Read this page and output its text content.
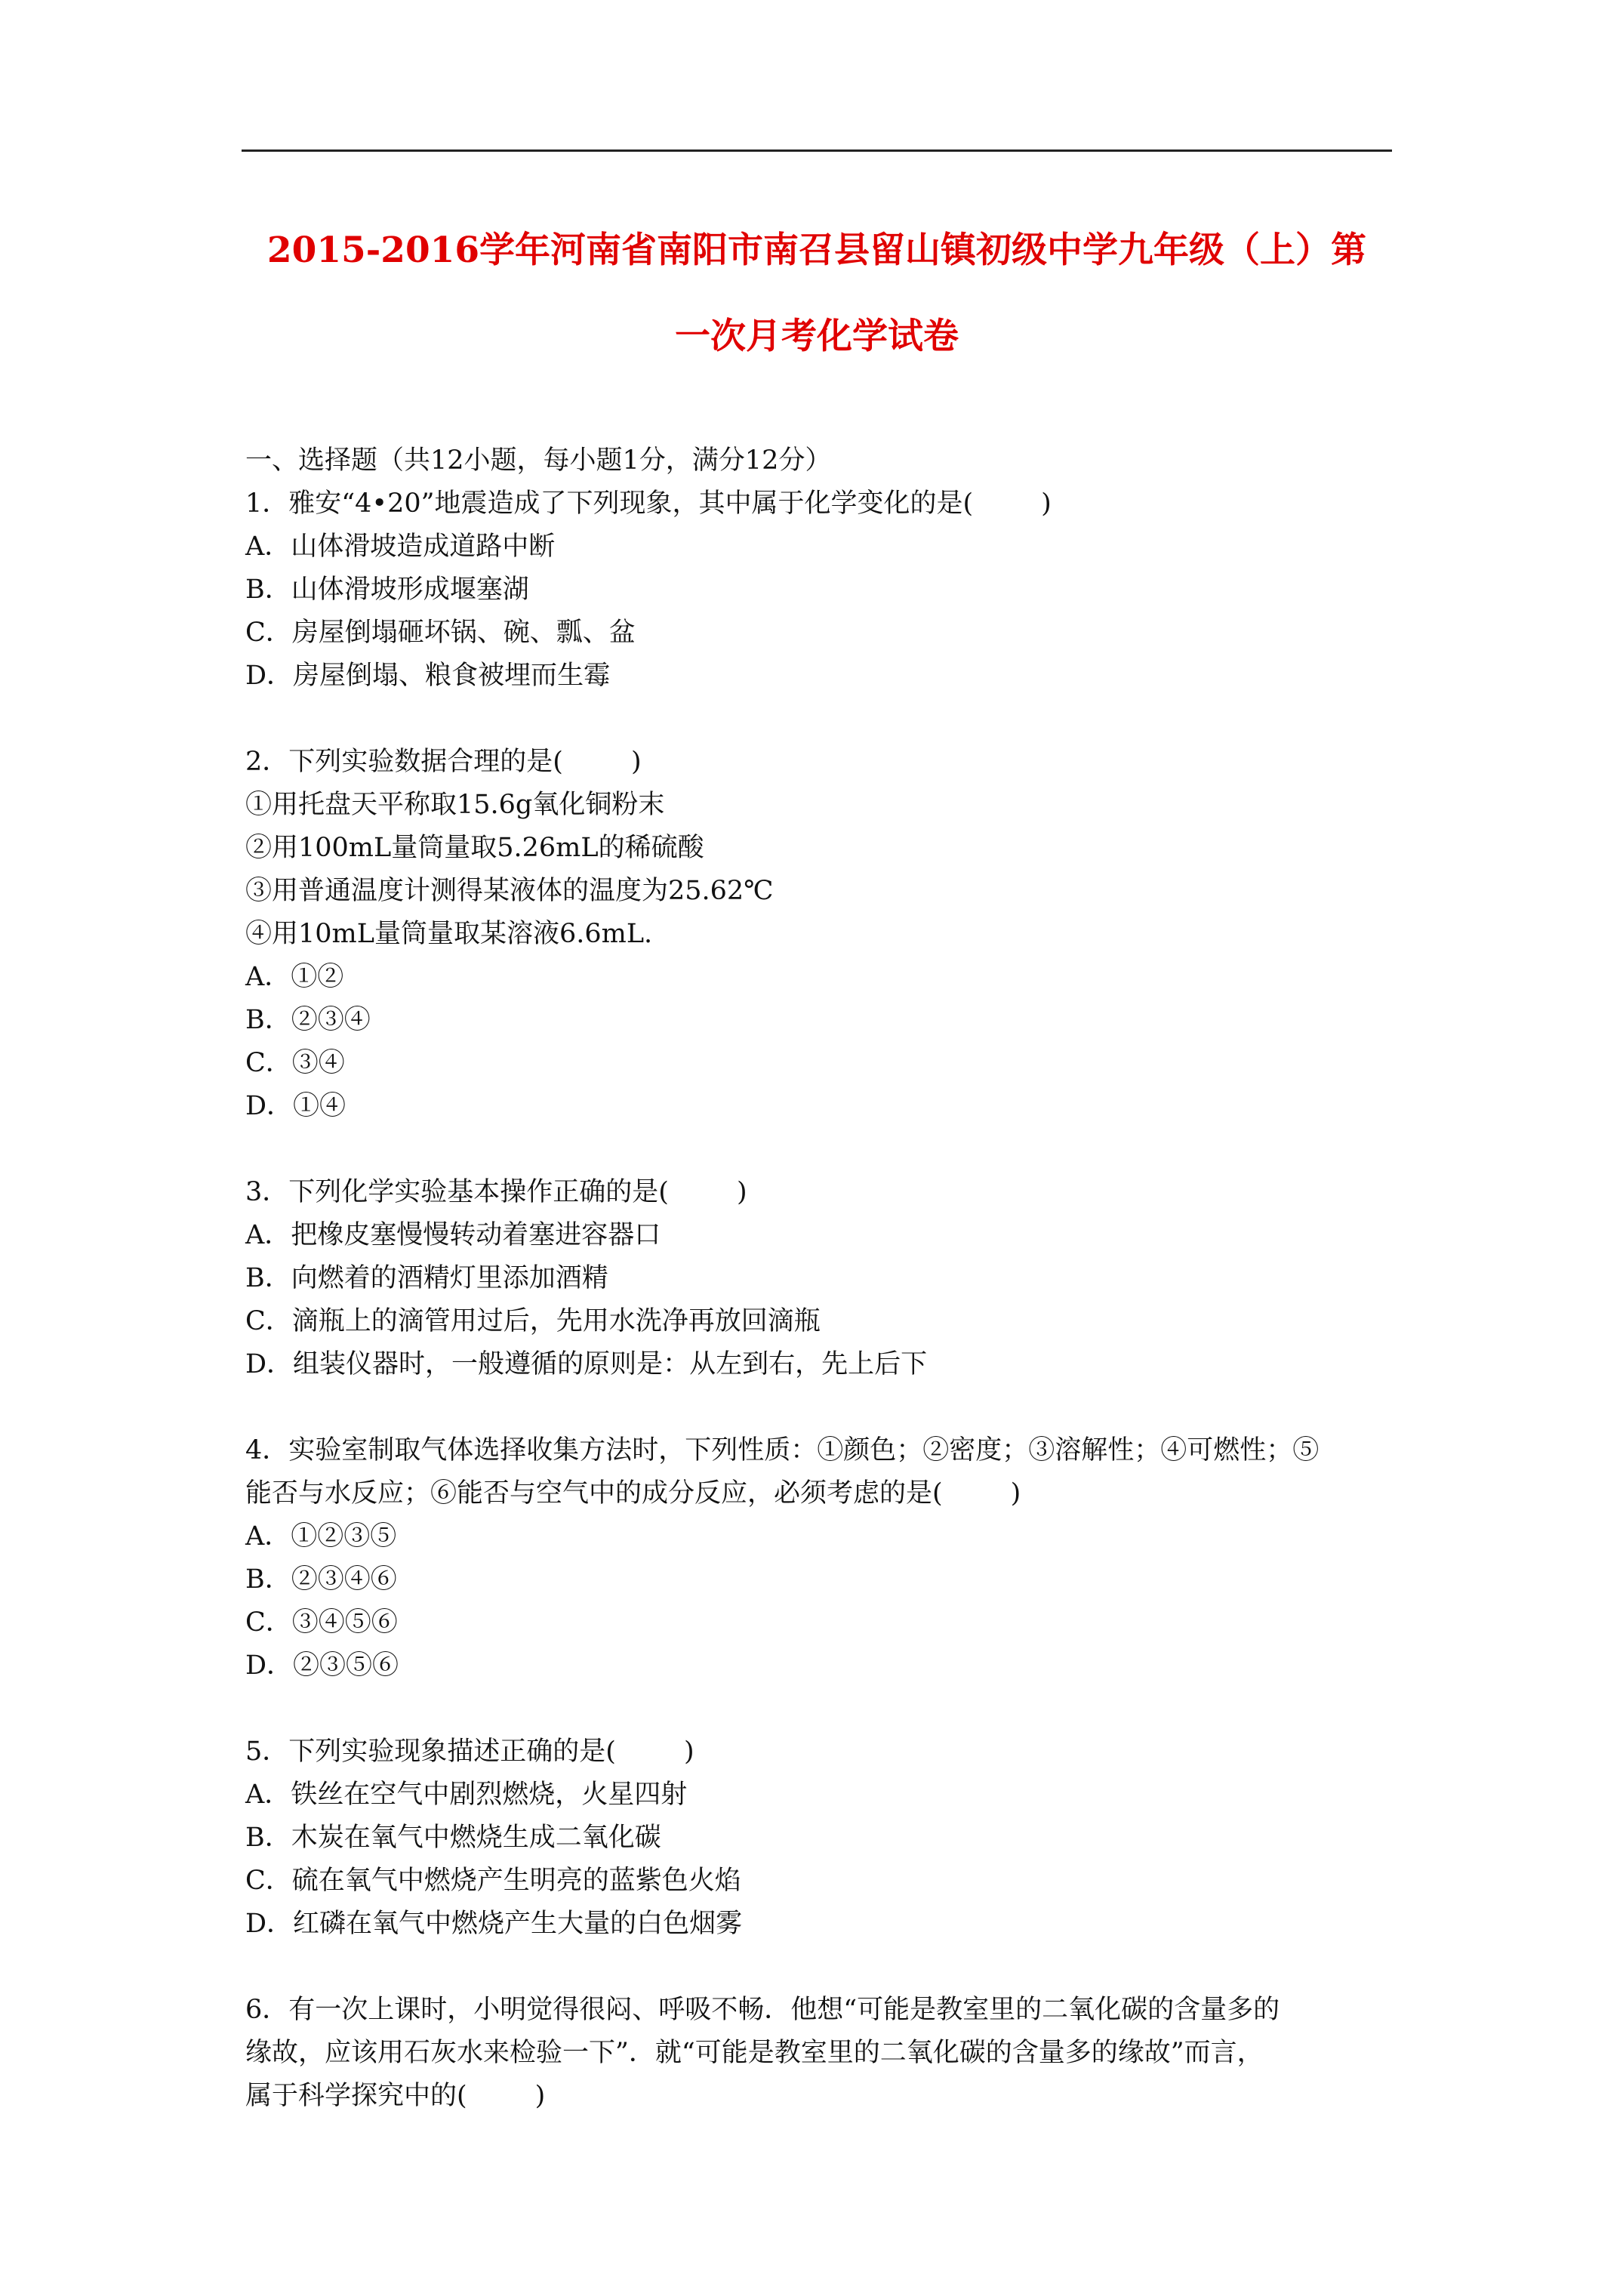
2015-2016学年河南省南阳市南召县留山镇初级中学九年级（上）第
一次月考化学试卷
一、选择题（共12小题，每小题1分，满分12分）
1．雅安“4•20”地震造成了下列现象，其中属于化学变化的是(	)
A．山体滑坡造成道路中断
B．山体滑坡形成堰塞湖
C．房屋倒塌砸坏锅、碗、瓢、盆
D．房屋倒塌、粮食被埋而生霉
2．下列实验数据合理的是(	)
①用托盘天平称取15.6g氧化铜粉末
②用100mL量筒量取5.26mL的稀硫酸
③用普通温度计测得某液体的温度为25.62℃
④用10mL量筒量取某溶液6.6mL.
A．①②
B．②③④
C．③④
D．①④
3．下列化学实验基本操作正确的是(	)
A．把橡皮塞慢慢转动着塞进容器口
B．向燃着的酒精灯里添加酒精
C．滴瓶上的滴管用过后，先用水洗净再放回滴瓶
D．组装仪器时，一般遵循的原则是：从左到右，先上后下
4．实验室制取气体选择收集方法时，下列性质：①颜色；②密度；③溶解性；④可燃性；⑤
能否与水反应；⑥能否与空气中的成分反应，必须考虑的是(	)
A．①②③⑤
B．②③④⑥
C．③④⑤⑥
D．②③⑤⑥
5．下列实验现象描述正确的是(	)
A．铁丝在空气中剧烈燃烧，火星四射
B．木炭在氧气中燃烧生成二氧化碳
C．硫在氧气中燃烧产生明亮的蓝紫色火焰
D．红磷在氧气中燃烧产生大量的白色烟雾
6．有一次上课时，小明觉得很闷、呼吸不畅．他想“可能是教室里的二氧化碳的含量多的
缘故，应该用石灰水来检验一下”．就“可能是教室里的二氧化碳的含量多的缘故”而言，
属于科学探究中的(	)
